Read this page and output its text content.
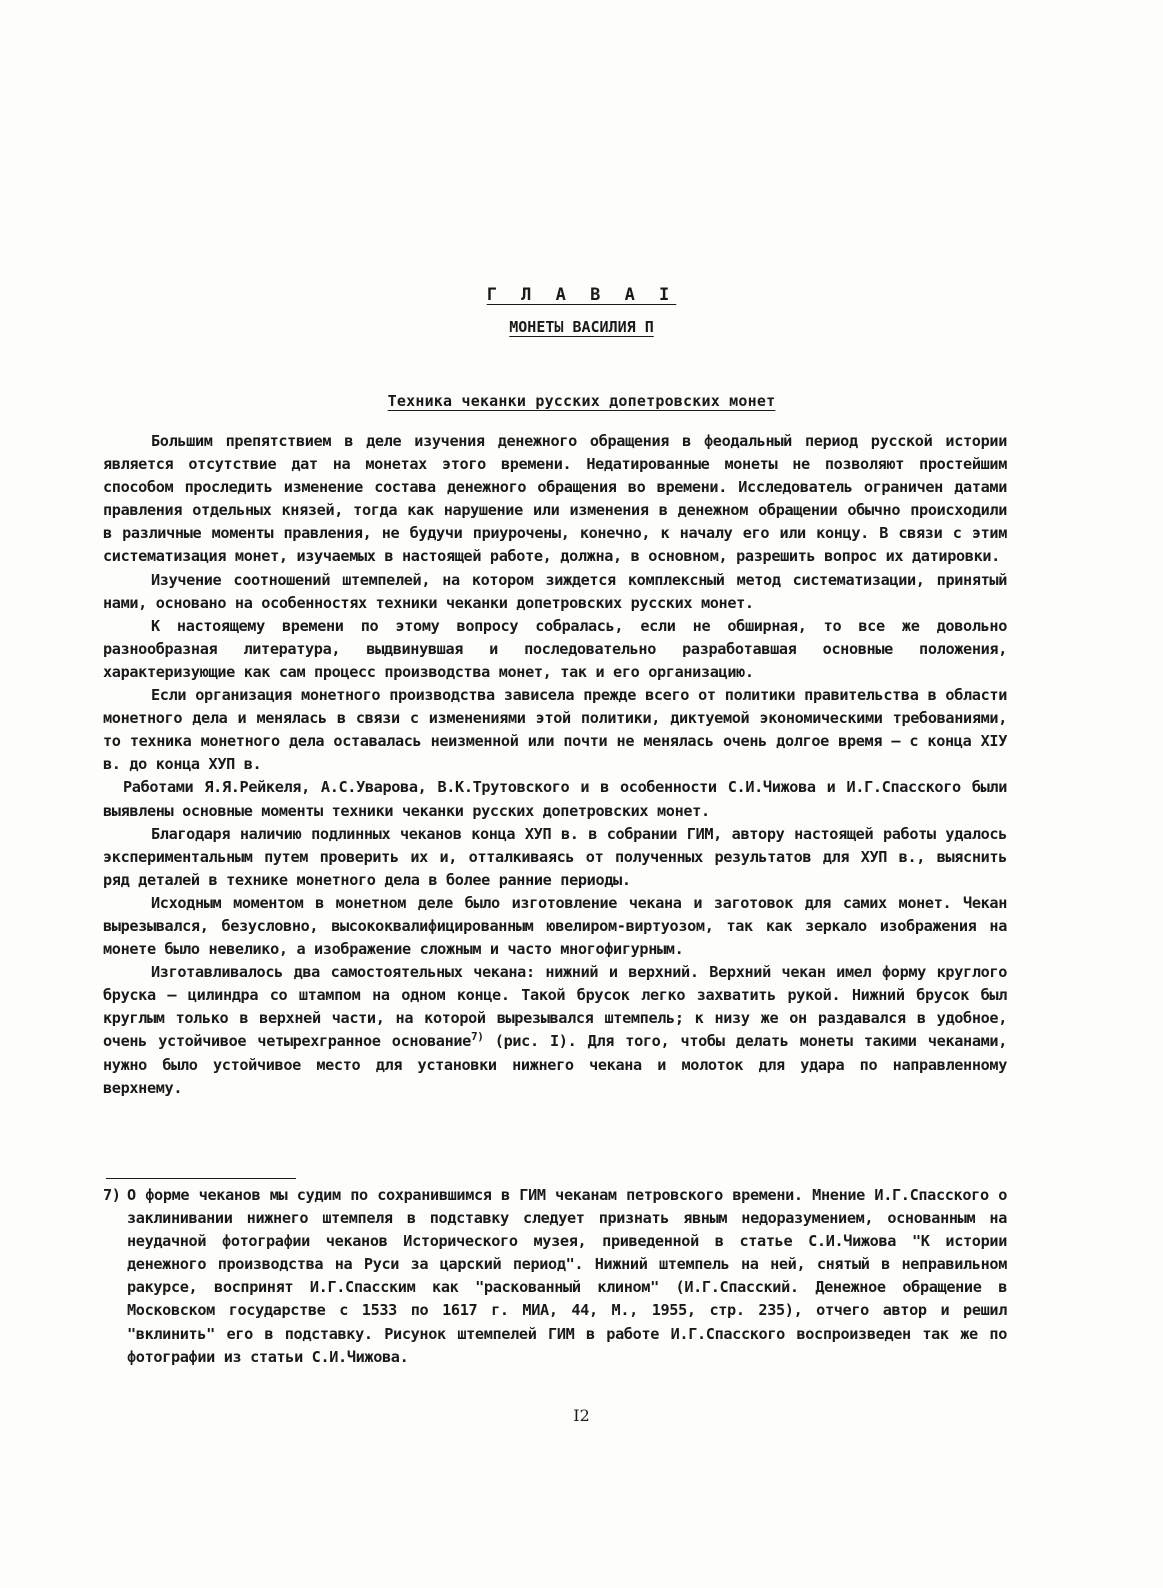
Г Л А В А I
МОНЕТЫ ВАСИЛИЯ П
Техника чеканки русских допетровских монет

Большим препятствием в деле изучения денежного обращения в феодальный период русской истории является отсутствие дат на монетах этого времени. Недатированные монеты не позволяют простейшим способом проследить изменение состава денежного обращения во времени. Исследователь ограничен датами правления отдельных князей, тогда как нарушение или изменения в денежном обращении обычно происходили в различные моменты правления, не будучи приурочены, конечно, к началу его или концу. В связи с этим систематизация монет, изучаемых в настоящей работе, должна, в основном, разрешить вопрос их датировки.

Изучение соотношений штемпелей, на котором зиждется комплексный метод систематизации, принятый нами, основано на особенностях техники чеканки допетровских русских монет.

К настоящему времени по этому вопросу собралась, если не обширная, то все же довольно разнообразная литература, выдвинувшая и последовательно разработавшая основные положения, характеризующие как сам процесс производства монет, так и его организацию.

Если организация монетного производства зависела прежде всего от политики правительства в области монетного дела и менялась в связи с изменениями этой политики, диктуемой экономическими требованиями, то техника монетного дела оставалась неизменной или почти не менялась очень долгое время – с конца XIУ в. до конца ХУП в.

Работами Я.Я.Рейкеля, А.С.Уварова, В.К.Трутовского и в особенности С.И.Чижова и И.Г.Спасского были выявлены основные моменты техники чеканки русских допетровских монет.

Благодаря наличию подлинных чеканов конца ХУП в. в собрании ГИМ, автору настоящей работы удалось экспериментальным путем проверить их и, отталкиваясь от полученных результатов для ХУП в., выяснить ряд деталей в технике монетного дела в более ранние периоды.

Исходным моментом в монетном деле было изготовление чекана и заготовок для самих монет. Чекан вырезывался, безусловно, высококвалифицированным ювелиром-виртуозом, так как зеркало изображения на монете было невелико, а изображение сложным и часто многофигурным.

Изготавливалось два самостоятельных чекана: нижний и верхний. Верхний чекан имел форму круглого бруска – цилиндра со штампом на одном конце. Такой брусок легко захватить рукой. Нижний брусок был круглым только в верхней части, на которой вырезывался штемпель; к низу же он раздавался в удобное, очень устойчивое четырехгранное основание$^{7)}$ (рис. I). Для того, чтобы делать монеты такими чеканами, нужно было устойчивое место для установки нижнего чекана и молоток для удара по направленному верхнему.

7) О форме чеканов мы судим по сохранившимся в ГИМ чеканам петровского времени. Мнение И.Г.Спасского о заклинивании нижнего штемпеля в подставку следует признать явным недоразумением, основанным на неудачной фотографии чеканов Исторического музея, приведенной в статье С.И.Чижова "К истории денежного производства на Руси за царский период". Нижний штемпель на ней, снятый в неправильном ракурсе, воспринят И.Г.Спасским как "раскованный клином" (И.Г.Спасский. Денежное обращение в Московском государстве с 1533 по 1617 г. МИА, 44, М., 1955, стр. 235), отчего автор и решил "вклинить" его в подставку. Рисунок штемпелей ГИМ в работе И.Г.Спасского воспроизведен так же по фотографии из статьи С.И.Чижова.
I2
